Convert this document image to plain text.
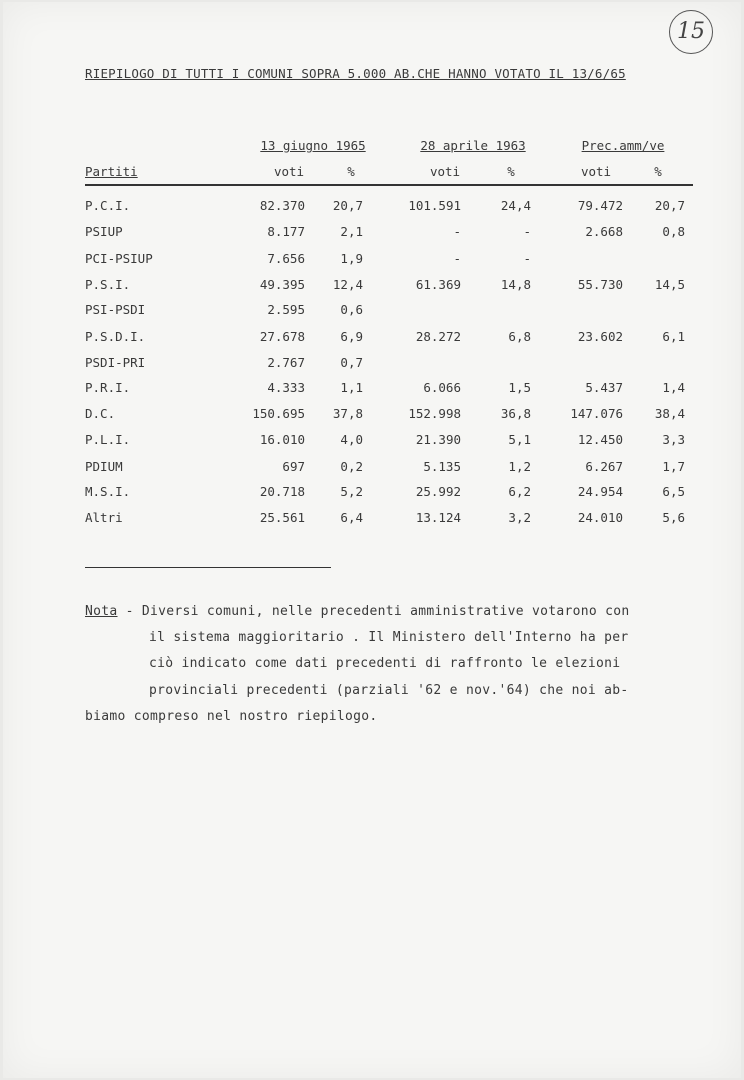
15
RIEPILOGO DI TUTTI I COMUNI SOPRA 5.000 AB.CHE HANNO VOTATO IL 13/6/65
13 giugno 1965	28 aprile 1963	Prec.amm/ve
Partiti	voti	%	voti	%	voti	%
P.C.I.	82.370	20,7	101.591	24,4	79.472	20,7
PSIUP	8.177	2,1	-	-	2.668	0,8
PCI-PSIUP	7.656	1,9	-	-
P.S.I.	49.395	12,4	61.369	14,8	55.730	14,5
PSI-PSDI	2.595	0,6
P.S.D.I.	27.678	6,9	28.272	6,8	23.602	6,1
PSDI-PRI	2.767	0,7
P.R.I.	4.333	1,1	6.066	1,5	5.437	1,4
D.C.	150.695	37,8	152.998	36,8	147.076	38,4
P.L.I.	16.010	4,0	21.390	5,1	12.450	3,3
PDIUM	697	0,2	5.135	1,2	6.267	1,7
M.S.I.	20.718	5,2	25.992	6,2	24.954	6,5
Altri	25.561	6,4	13.124	3,2	24.010	5,6
Nota - Diversi comuni, nelle precedenti amministrative votarono con
il sistema maggioritario . Il Ministero dell'Interno ha per
ciò indicato come dati precedenti di raffronto le elezioni
provinciali precedenti (parziali '62 e nov.'64) che noi ab-
biamo compreso nel nostro riepilogo.
